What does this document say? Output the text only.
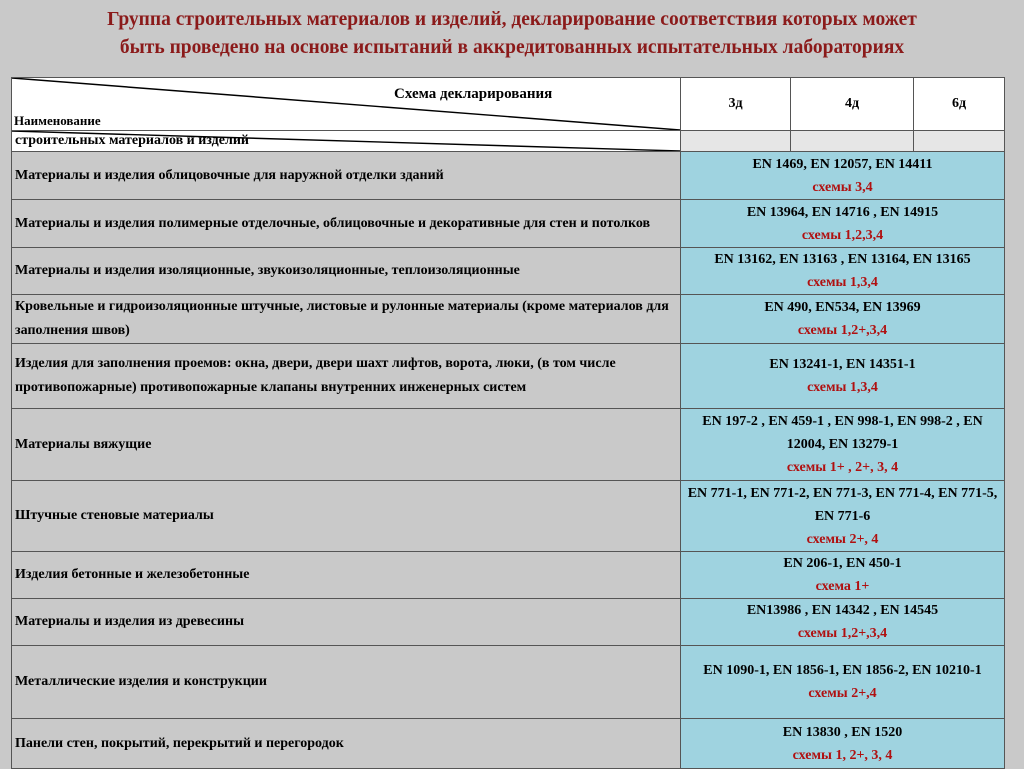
Группа строительных материалов и изделий, декларирование соответствия которых может
быть проведено на основе испытаний в аккредитованных испытательных лабораториях
Схема декларирования
Наименование	3д	4д	6д

строительных материалов и изделий			
Материалы и изделия облицовочные для наружной отделки зданий	EN 1469, EN 12057, EN 14411
схемы 3,4		

Материалы и изделия полимерные отделочные, облицовочные и декоративные для стен и потолков	EN 13964, EN 14716 , EN 14915
схемы 1,2,3,4		

Материалы и изделия изоляционные, звукоизоляционные, теплоизоляционные	EN 13162, EN 13163 , EN 13164, EN 13165
схемы 1,3,4		

Кровельные и гидроизоляционные штучные, листовые и рулонные материалы (кроме материалов для заполнения швов)	EN 490, EN534, EN 13969
схемы 1,2+,3,4		

Изделия для заполнения проемов: окна, двери, двери шахт лифтов, ворота, люки, (в том числе противопожарные) противопожарные клапаны внутренних инженерных систем	EN 13241-1, EN 14351-1
схемы 1,3,4		

Материалы вяжущие	EN 197-2 , EN 459-1 , EN 998-1, EN 998-2 , EN 12004, EN 13279-1
схемы 1+ , 2+, 3, 4		

Штучные стеновые материалы	EN 771-1, EN 771-2, EN 771-3, EN 771-4, EN 771-5, EN 771-6
схемы 2+, 4		

Изделия бетонные и железобетонные	EN 206-1, EN 450-1
схема 1+		

Материалы и изделия из древесины	EN13986 , EN 14342 , EN 14545
схемы 1,2+,3,4		

Металлические изделия и конструкции	EN 1090-1, EN 1856-1, EN 1856-2, EN 10210-1
схемы 2+,4		

Панели стен, покрытий, перекрытий и перегородок	EN 13830 , EN 1520
схемы 1, 2+, 3, 4		
